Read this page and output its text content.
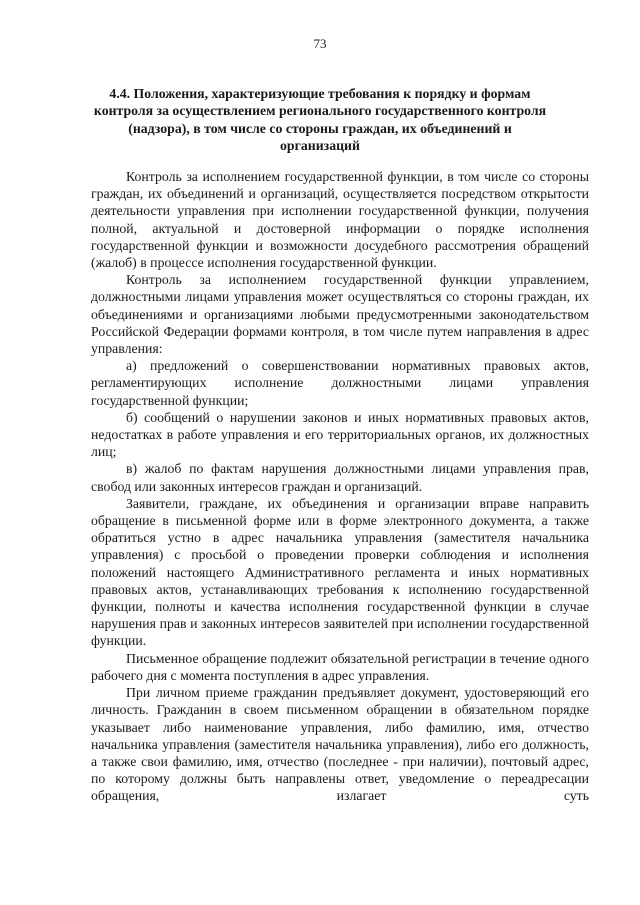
73
4.4. Положения, характеризующие требования к порядку и формам контроля за осуществлением регионального государственного контроля (надзора), в том числе со стороны граждан, их объединений и организаций

Контроль за исполнением государственной функции, в том числе со стороны граждан, их объединений и организаций, осуществляется посредством открытости деятельности управления при исполнении государственной функции, получения полной, актуальной и достоверной информации о порядке исполнения государственной функции и возможности досудебного рассмотрения обращений (жалоб) в процессе исполнения государственной функции.

Контроль за исполнением государственной функции управлением, должностными лицами управления может осуществляться со стороны граждан, их объединениями и организациями любыми предусмотренными законодательством Российской Федерации формами контроля, в том числе путем направления в адрес управления:

а) предложений о совершенствовании нормативных правовых актов, регламентирующих исполнение должностными лицами управления государственной функции;

б) сообщений о нарушении законов и иных нормативных правовых актов, недостатках в работе управления и его территориальных органов, их должностных лиц;

в) жалоб по фактам нарушения должностными лицами управления прав, свобод или законных интересов граждан и организаций.

Заявители, граждане, их объединения и организации вправе направить обращение в письменной форме или в форме электронного документа, а также обратиться устно в адрес начальника управления (заместителя начальника управления) с просьбой о проведении проверки соблюдения и исполнения положений настоящего Административного регламента и иных нормативных правовых актов, устанавливающих требования к исполнению государственной функции, полноты и качества исполнения государственной функции в случае нарушения прав и законных интересов заявителей при исполнении государственной функции.

Письменное обращение подлежит обязательной регистрации в течение одного рабочего дня с момента поступления в адрес управления.

При личном приеме гражданин предъявляет документ, удостоверяющий его личность. Гражданин в своем письменном обращении в обязательном порядке указывает либо наименование управления, либо фамилию, имя, отчество начальника управления (заместителя начальника управления), либо его должность, а также свои фамилию, имя, отчество (последнее - при наличии), почтовый адрес, по которому должны быть направлены ответ, уведомление о переадресации обращения, излагает суть
